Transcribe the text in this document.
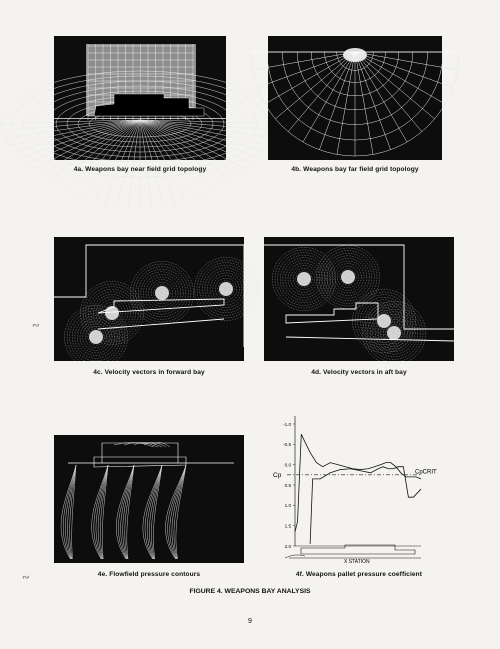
4a. Weapons bay near field grid topology	4b. Weapons bay far field grid topology
4c. Velocity vectors in forward bay	4d. Velocity vectors in aft bay
4e. Flowfield pressure contours
-1.0
-0.5
0.0
0.5
1.0
1.5
2.0
CpCRIT
Cp
X STATION
4f. Weapons pallet pressure coefficient
FIGURE 4. WEAPONS BAY ANALYSIS
9
∾
∾
